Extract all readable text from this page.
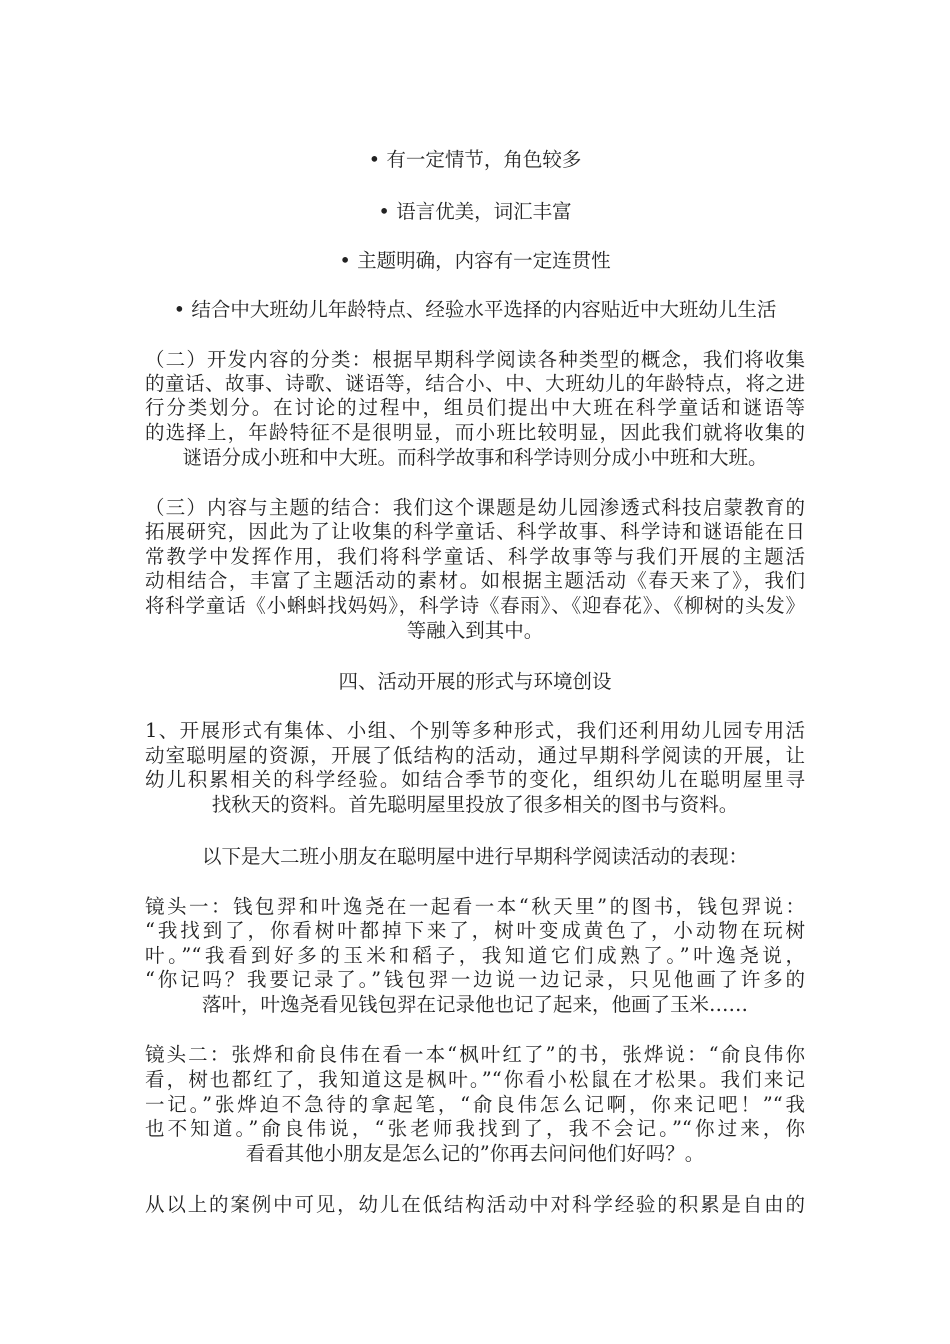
• 有一定情节，角色较多
• 语言优美，词汇丰富
• 主题明确，内容有一定连贯性
• 结合中大班幼儿年龄特点、经验水平选择的内容贴近中大班幼儿生活
（二）开发内容的分类：根据早期科学阅读各种类型的概念，我们将收集
的童话、故事、诗歌、谜语等，结合小、中、大班幼儿的年龄特点，将之进
行分类划分。在讨论的过程中，组员们提出中大班在科学童话和谜语等
的选择上，年龄特征不是很明显，而小班比较明显，因此我们就将收集的
谜语分成小班和中大班。而科学故事和科学诗则分成小中班和大班。
（三）内容与主题的结合：我们这个课题是幼儿园渗透式科技启蒙教育的
拓展研究，因此为了让收集的科学童话、科学故事、科学诗和谜语能在日
常教学中发挥作用，我们将科学童话、科学故事等与我们开展的主题活
动相结合，丰富了主题活动的素材。如根据主题活动《春天来了》，我们
将科学童话《小蝌蚪找妈妈》，科学诗《春雨》、《迎春花》、《柳树的头发》
等融入到其中。
四、活动开展的形式与环境创设
1、开展形式有集体、小组、个别等多种形式，我们还利用幼儿园专用活
动室聪明屋的资源，开展了低结构的活动，通过早期科学阅读的开展，让
幼儿积累相关的科学经验。如结合季节的变化，组织幼儿在聪明屋里寻
找秋天的资料。首先聪明屋里投放了很多相关的图书与资料。
以下是大二班小朋友在聪明屋中进行早期科学阅读活动的表现：
镜头一：钱包羿和叶逸尧在一起看一本“秋天里”的图书，钱包羿说：
“我找到了，你看树叶都掉下来了，树叶变成黄色了，小动物在玩树
叶。”“我看到好多的玉米和稻子，我知道它们成熟了。”叶逸尧说，
“你记吗？我要记录了。”钱包羿一边说一边记录，只见他画了许多的
落叶，叶逸尧看见钱包羿在记录他也记了起来，他画了玉米……
镜头二：张烨和俞良伟在看一本“枫叶红了”的书，张烨说：“俞良伟你
看，树也都红了，我知道这是枫叶。”“你看小松鼠在才松果。我们来记
一记。”张烨迫不急待的拿起笔，“俞良伟怎么记啊，你来记吧！”“我
也不知道。”俞良伟说，“张老师我找到了，我不会记。”“你过来，你
看看其他小朋友是怎么记的”你再去问问他们好吗？。
从以上的案例中可见，幼儿在低结构活动中对科学经验的积累是自由的
